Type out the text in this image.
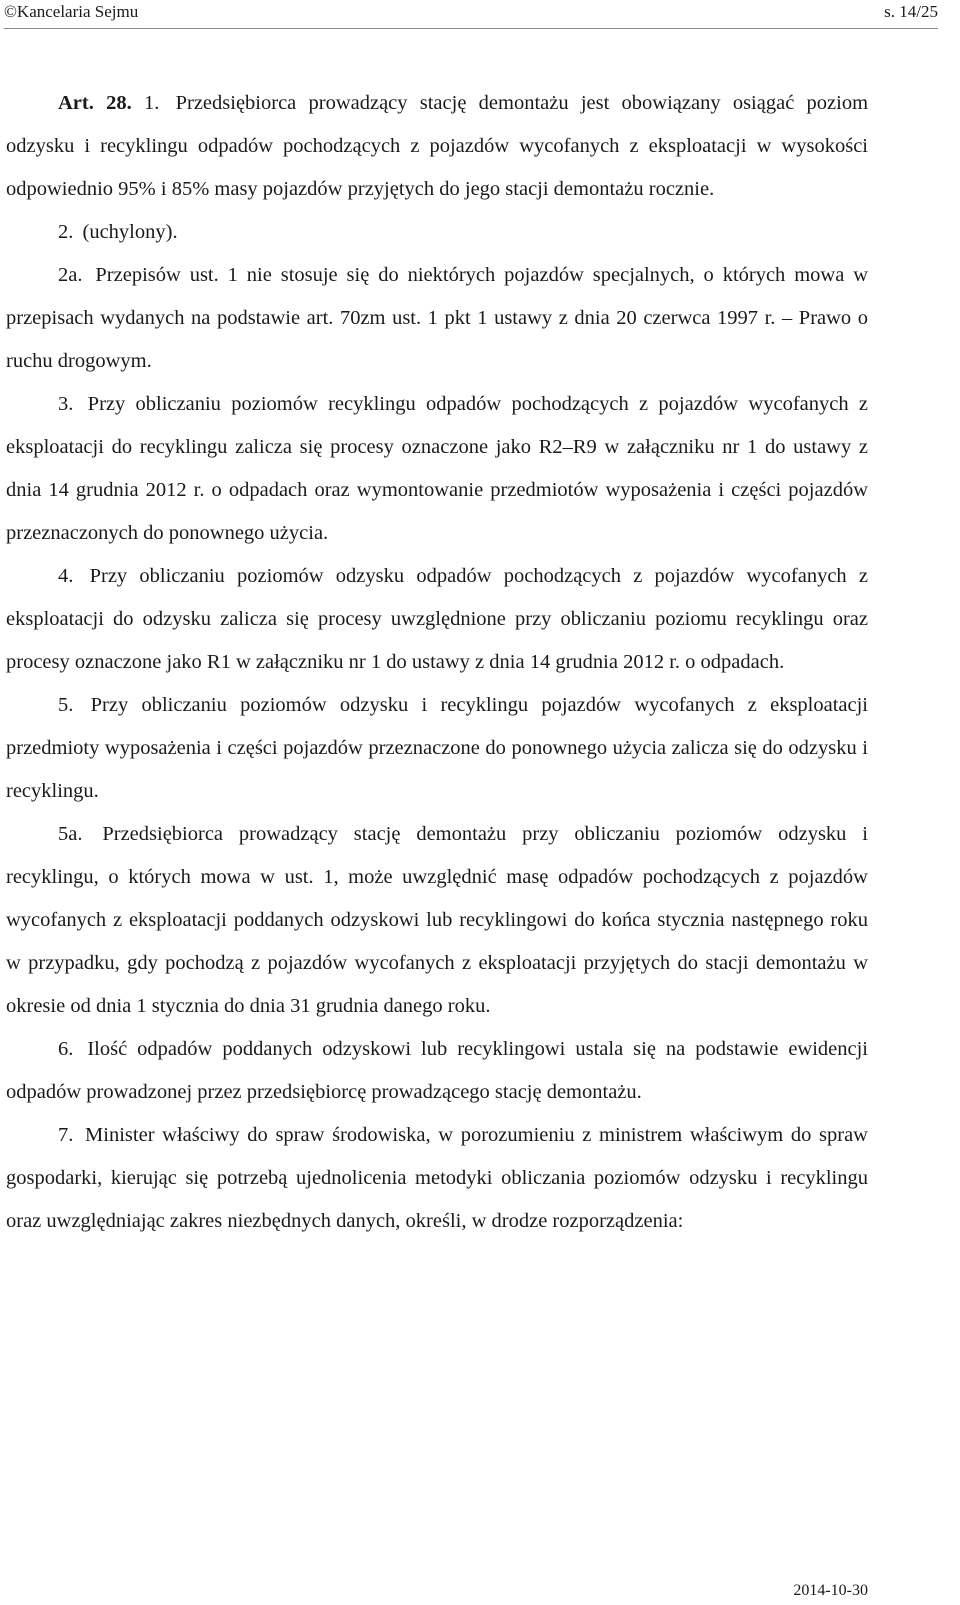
©Kancelaria Sejmu	s. 14/25

Art. 28. 1. Przedsiębiorca prowadzący stację demontażu jest obowiązany osiągać poziom odzysku i recyklingu odpadów pochodzących z pojazdów wycofanych z eksploatacji w wysokości odpowiednio 95% i 85% masy pojazdów przyjętych do jego stacji demontażu rocznie.

2. (uchylony).

2a. Przepisów ust. 1 nie stosuje się do niektórych pojazdów specjalnych, o których mowa w przepisach wydanych na podstawie art. 70zm ust. 1 pkt 1 ustawy z dnia 20 czerwca 1997 r. – Prawo o ruchu drogowym.

3. Przy obliczaniu poziomów recyklingu odpadów pochodzących z pojazdów wycofanych z eksploatacji do recyklingu zalicza się procesy oznaczone jako R2–R9 w załączniku nr 1 do ustawy z dnia 14 grudnia 2012 r. o odpadach oraz wymontowanie przedmiotów wyposażenia i części pojazdów przeznaczonych do ponownego użycia.

4. Przy obliczaniu poziomów odzysku odpadów pochodzących z pojazdów wycofanych z eksploatacji do odzysku zalicza się procesy uwzględnione przy obliczaniu poziomu recyklingu oraz procesy oznaczone jako R1 w załączniku nr 1 do ustawy z dnia 14 grudnia 2012 r. o odpadach.

5. Przy obliczaniu poziomów odzysku i recyklingu pojazdów wycofanych z eksploatacji przedmioty wyposażenia i części pojazdów przeznaczone do ponownego użycia zalicza się do odzysku i recyklingu.

5a. Przedsiębiorca prowadzący stację demontażu przy obliczaniu poziomów odzysku i recyklingu, o których mowa w ust. 1, może uwzględnić masę odpadów pochodzących z pojazdów wycofanych z eksploatacji poddanych odzyskowi lub recyklingowi do końca stycznia następnego roku w przypadku, gdy pochodzą z pojazdów wycofanych z eksploatacji przyjętych do stacji demontażu w okresie od dnia 1 stycznia do dnia 31 grudnia danego roku.

6. Ilość odpadów poddanych odzyskowi lub recyklingowi ustala się na podstawie ewidencji odpadów prowadzonej przez przedsiębiorcę prowadzącego stację demontażu.

7. Minister właściwy do spraw środowiska, w porozumieniu z ministrem właściwym do spraw gospodarki, kierując się potrzebą ujednolicenia metodyki obliczania poziomów odzysku i recyklingu oraz uwzględniając zakres niezbędnych danych, określi, w drodze rozporządzenia:

2014-10-30
